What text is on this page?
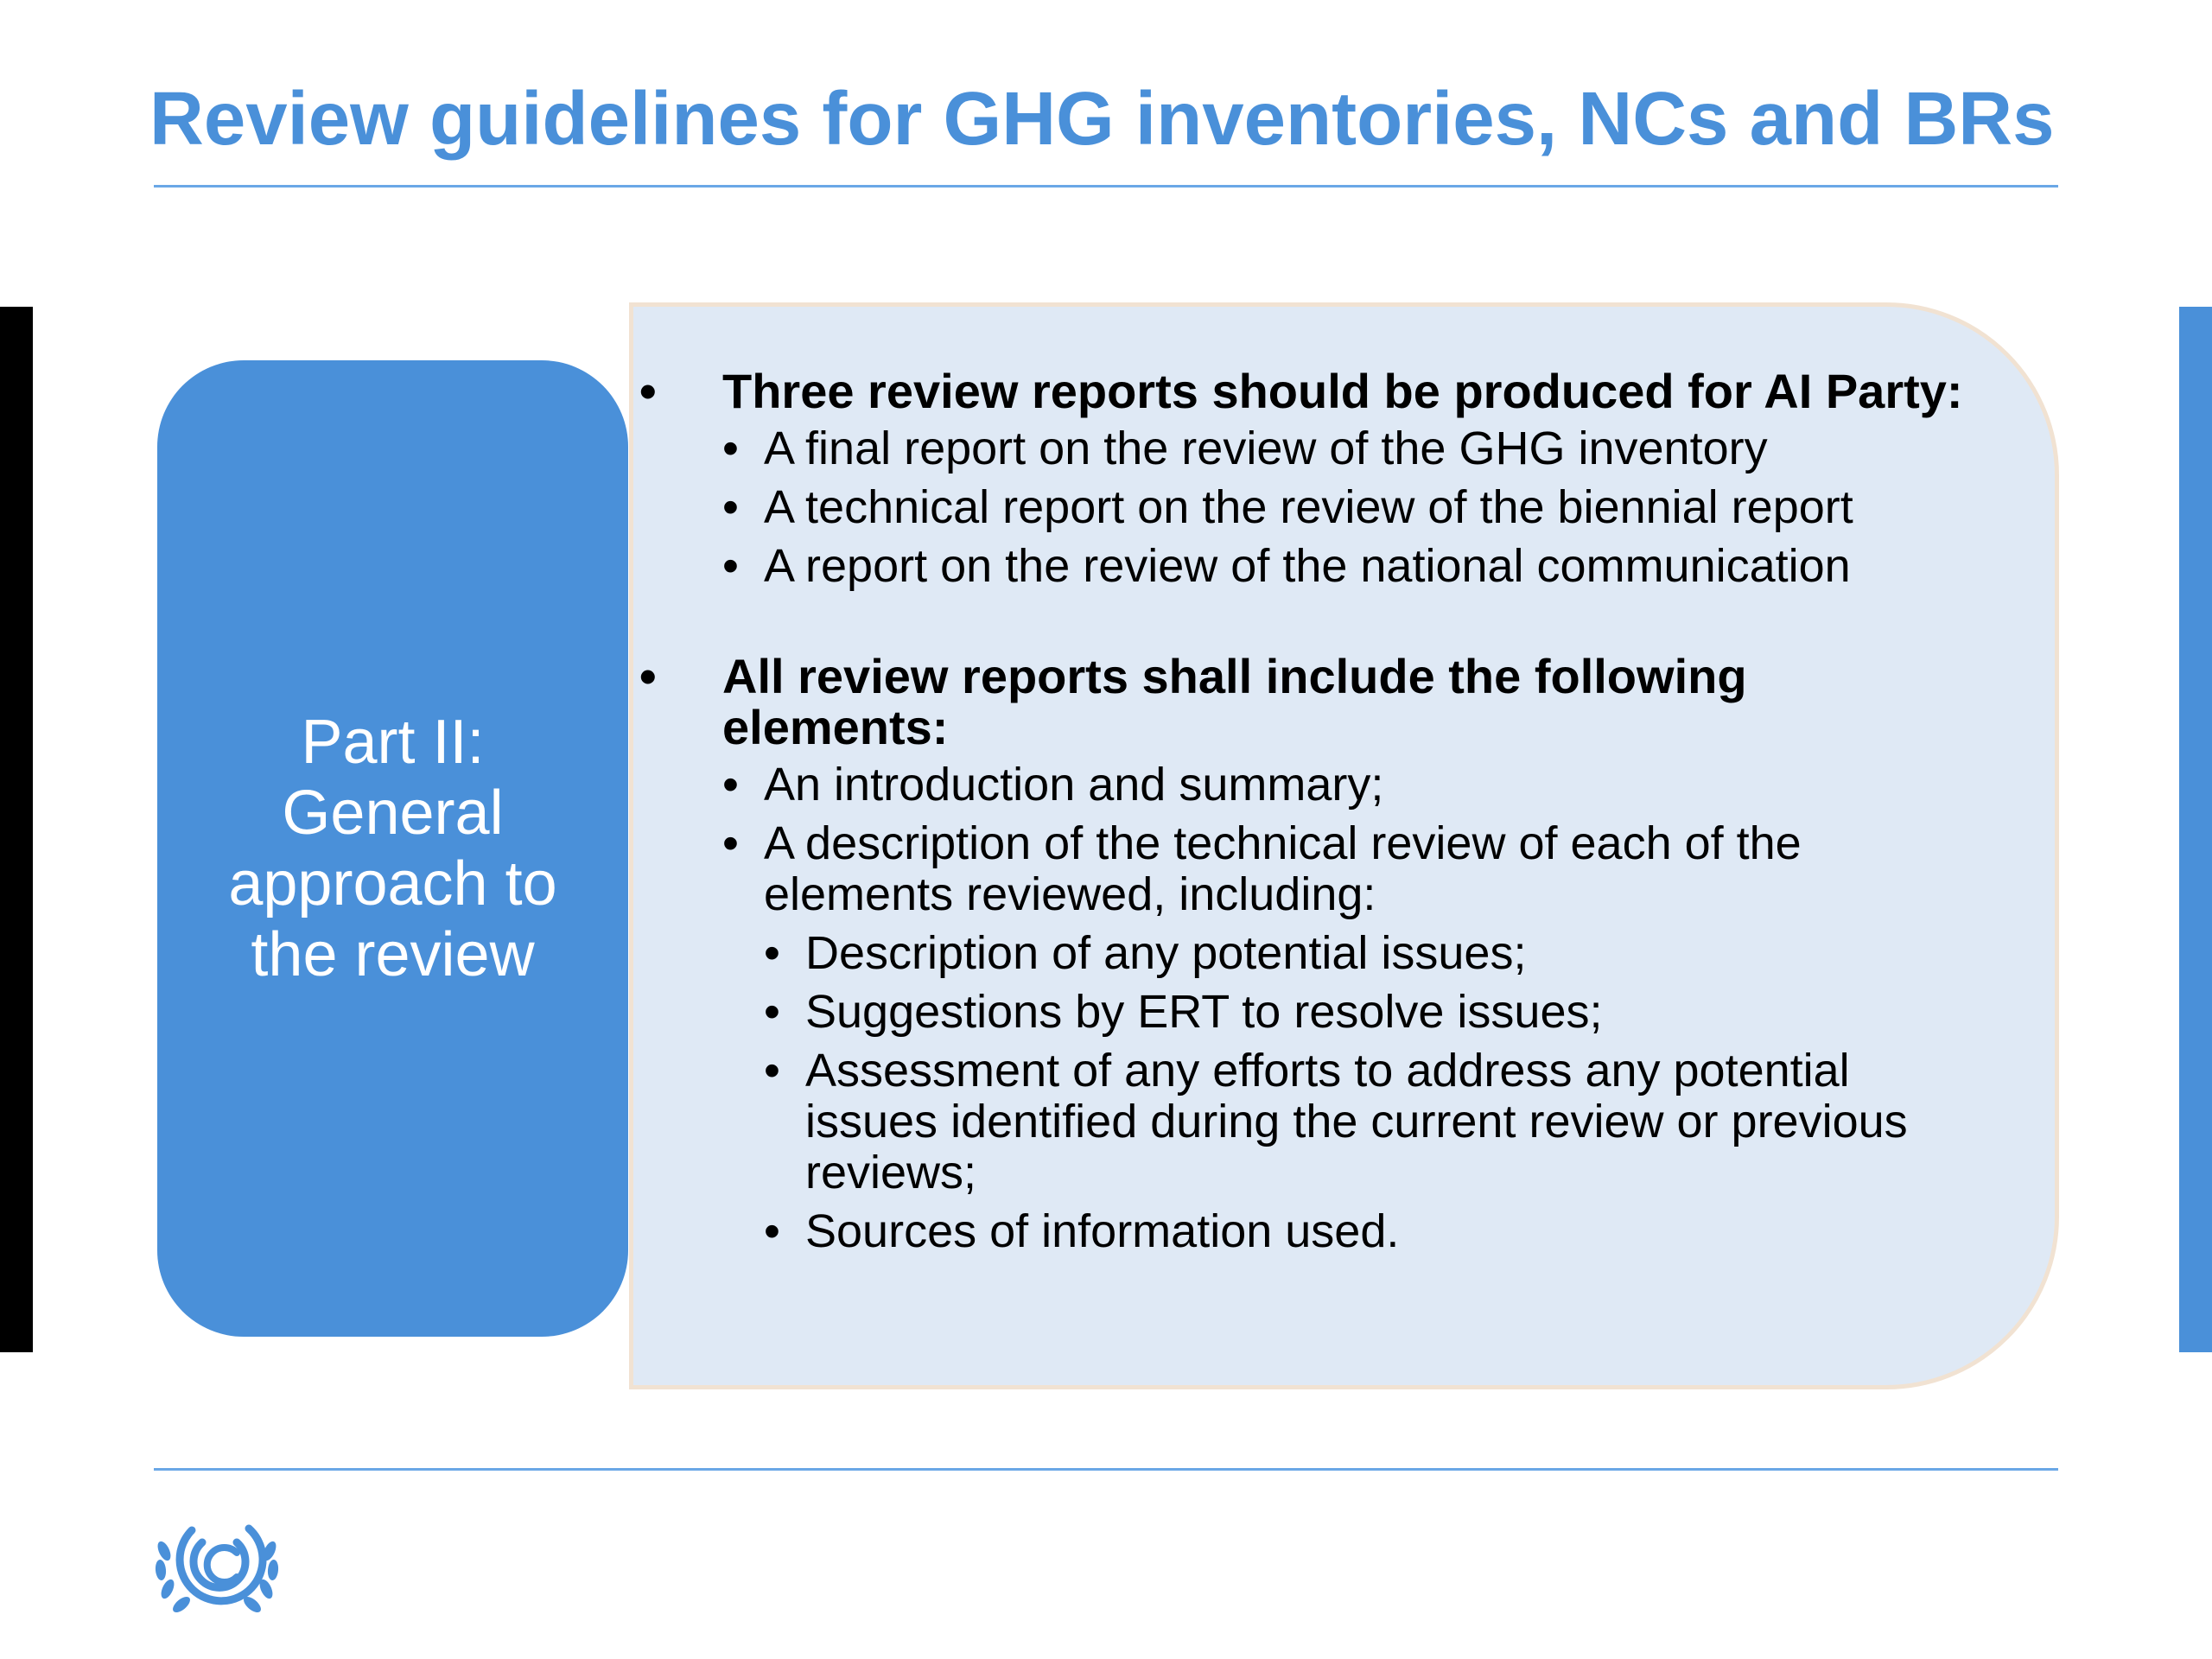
Review guidelines for GHG inventories, NCs and BRs
Part II: General approach to the review
• Three review reports should be produced for AI Party:
• A final report on the review of the GHG inventory
• A technical report on the review of the biennial report
• A report on the review of the national communication
• All review reports shall include the following elements:
• An introduction and summary;
• A description of the technical review of each of the elements reviewed, including:
• Description of any potential issues;
• Suggestions by ERT to resolve issues;
• Assessment of any efforts to address any potential issues identified during the current review or previous reviews;
• Sources of information used.
